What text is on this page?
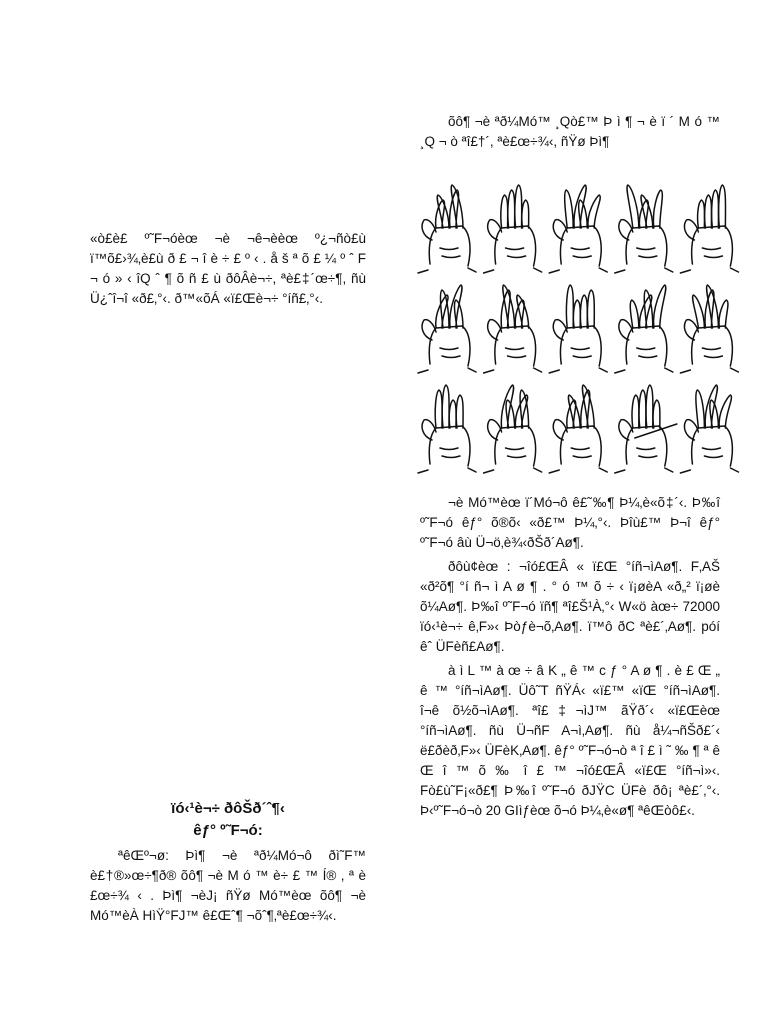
«ò£è£ º˜F¬óèœ ¬è ¬ê¬èèœ º¿¬ñò£ù ï™õ£›¾‚è£ù ð £ ¬ î è ÷ £ º ‹ . å š ª õ £ ¼ º ˆ F ¬ ó » ‹ îQ ˆ ¶ õ ñ £ ù ðôÂè¬÷, ªè£‡´œ÷¶, ñù Ü¿ˆî¬î «ð£‚°‹. ð™«õÁ «ï£Œè¬÷ °íñ£‚°‹.

õô¶ ¬è ªð¼Mó™ ¸Qò£™ Þ ì ¶ ¬ è ï ´ M ó ™ ¸Q ¬ ò ªî£†´, ªè£œ÷¾‹, ñŸø Þì¶

¬è Mó™èœ ï´Mó¬ô ê£˜‰¶ Þ¼‚è«õ‡´‹. Þ‰î º˜F¬ó êƒ° õ®õ‹ «ð£™ Þ¼‚°‹. Þîù£™ Þ¬î êƒ° º˜F¬ó âù Ü¬ö‚è¾‹ðŠð´Aø¶.

ðôù¢èœ : ¬îó£ŒÂ « ï£Œ °íñ¬ìAø¶. F‚AŠ «ð²õ¶ °í ñ¬ ì A ø ¶ . ° ó ™ õ ÷ ‹ ï¡øèA «ð„² ï¡øè õ¼Aø¶. Þ‰î º˜F¬ó ïñ¶ ªî£Š¹À‚°‹ W«ö àœ÷ 72000 ïó‹¹è¬÷ ê‚F»‹ Þòƒè¬õ‚Aø¶. ï™ô ðC ªè£´‚Aø¶. póí êˆ ÜFèñ£Aø¶.

à ì L ™ à œ ÷ â K „ ê ™ c ƒ ° A ø ¶ . è £ Œ „ ê ™ °íñ¬ìAø¶. Üô˜T ñŸÁ‹ «ï£™ «ïŒ °íñ¬ìAø¶. î¬ê õ½õ¬ìAø¶. ªî£‡¬ìJ™ ãŸð´‹ «ï£Œèœ °íñ¬ìAø¶. ñù Ü¬ñF A¬ì‚Aø¶. ñù å¼¬ñŠð£´‹ ë£ðèð‚F»‹ ÜFèK‚Aø¶. êƒ° º˜F¬ó¬ò ª î £ ì ˜ ‰ ¶ ª ê Œ î ™ õ ‰ î £ ™ ¬îó£ŒÂ «ï£Œ °íñ¬ì»‹. Fò£ù˜F¡«ð£¶ Þ‰î º˜F¬ó ðJŸC ÜFè ðô¡ ªè£´‚°‹. Þ‹º˜F¬ó¬ò 20 GIìƒèœ õ¬ó Þ¼‚è«ø¶ ªêŒòô£‹.

ïó‹¹è¬÷ ðôŠð´ˆ¶‹
êƒ° º˜F¬ó:

ªêŒº¬ø: Þì¶ ¬è ªð¼Mó¬ô ðì˜F™ è£†®»œ÷¶ð® õô¶ ¬è M ó ™ è÷ £ ™ Í® , ª è £œ÷¾ ‹ . Þì¶ ¬èJ¡ ñŸø Mó™èœ õô¶ ¬è Mó™èÀ HìŸ°FJ™ ê£Œˆ¶ ¬õˆ¶‚ªè£œ÷¾‹.
